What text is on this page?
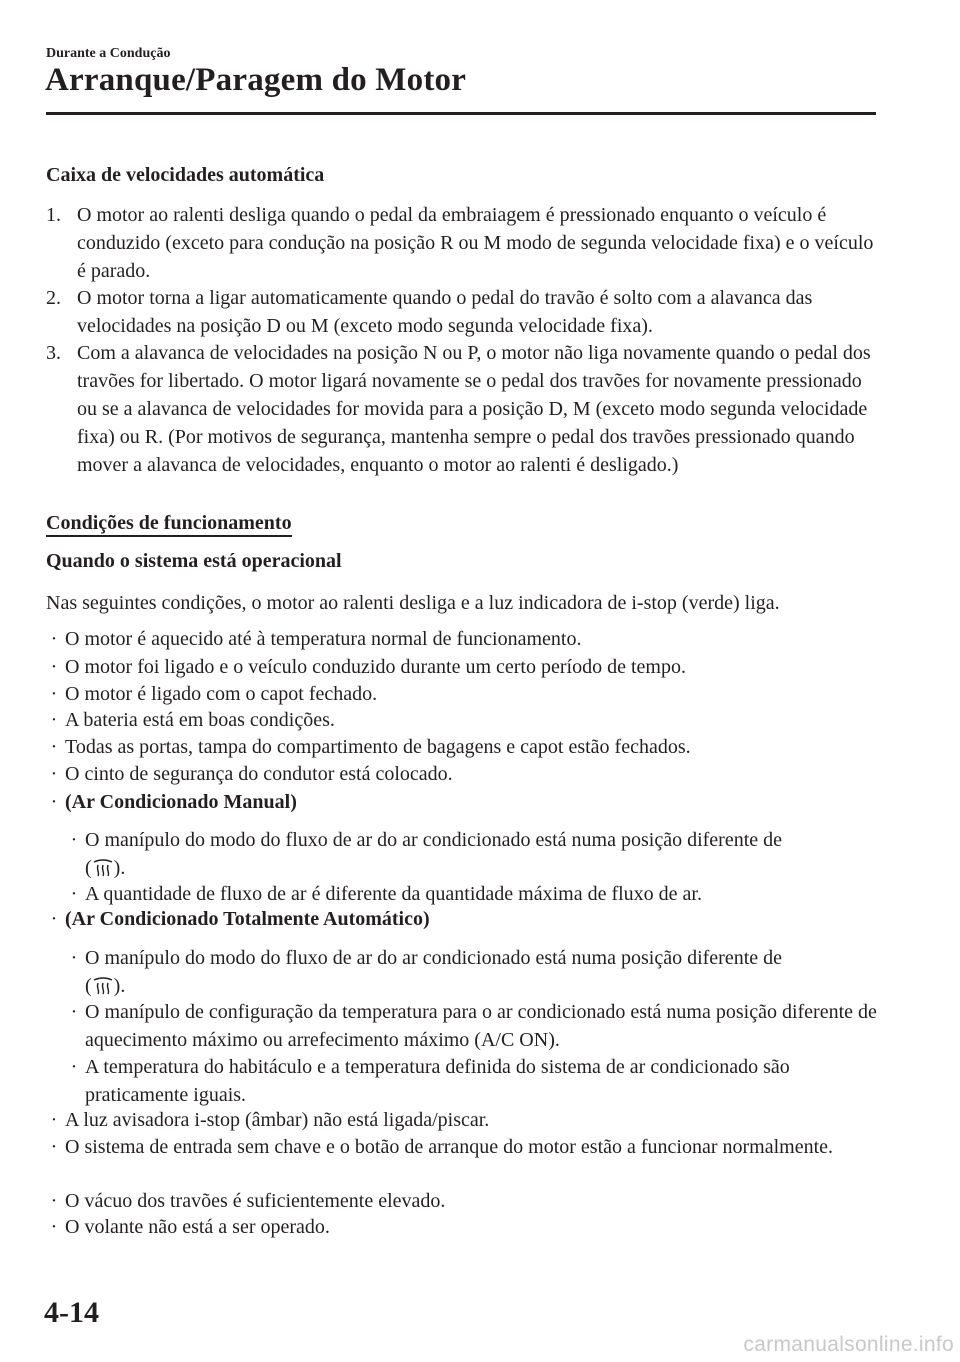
Durante a Condução
Arranque/Paragem do Motor
Caixa de velocidades automática
1. O motor ao ralenti desliga quando o pedal da embraiagem é pressionado enquanto o veículo é conduzido (exceto para condução na posição R ou M modo de segunda velocidade fixa) e o veículo é parado.
2. O motor torna a ligar automaticamente quando o pedal do travão é solto com a alavanca das velocidades na posição D ou M (exceto modo segunda velocidade fixa).
3. Com a alavanca de velocidades na posição N ou P, o motor não liga novamente quando o pedal dos travões for libertado. O motor ligará novamente se o pedal dos travões for novamente pressionado ou se a alavanca de velocidades for movida para a posição D, M (exceto modo segunda velocidade fixa) ou R. (Por motivos de segurança, mantenha sempre o pedal dos travões pressionado quando mover a alavanca de velocidades, enquanto o motor ao ralenti é desligado.)
Condições de funcionamento
Quando o sistema está operacional
Nas seguintes condições, o motor ao ralenti desliga e a luz indicadora de i-stop (verde) liga.
· O motor é aquecido até à temperatura normal de funcionamento.
· O motor foi ligado e o veículo conduzido durante um certo período de tempo.
· O motor é ligado com o capot fechado.
· A bateria está em boas condições.
· Todas as portas, tampa do compartimento de bagagens e capot estão fechados.
· O cinto de segurança do condutor está colocado.
· (Ar Condicionado Manual)
· O manípulo do modo do fluxo de ar do ar condicionado está numa posição diferente de
( ).
· A quantidade de fluxo de ar é diferente da quantidade máxima de fluxo de ar.
· (Ar Condicionado Totalmente Automático)
· O manípulo do modo do fluxo de ar do ar condicionado está numa posição diferente de
( ).
· O manípulo de configuração da temperatura para o ar condicionado está numa posição diferente de aquecimento máximo ou arrefecimento máximo (A/C ON).
· A temperatura do habitáculo e a temperatura definida do sistema de ar condicionado são praticamente iguais.
· A luz avisadora i-stop (âmbar) não está ligada/piscar.
· O sistema de entrada sem chave e o botão de arranque do motor estão a funcionar normalmente.
· O vácuo dos travões é suficientemente elevado.
· O volante não está a ser operado.
4-14
carmanualsonline.info
